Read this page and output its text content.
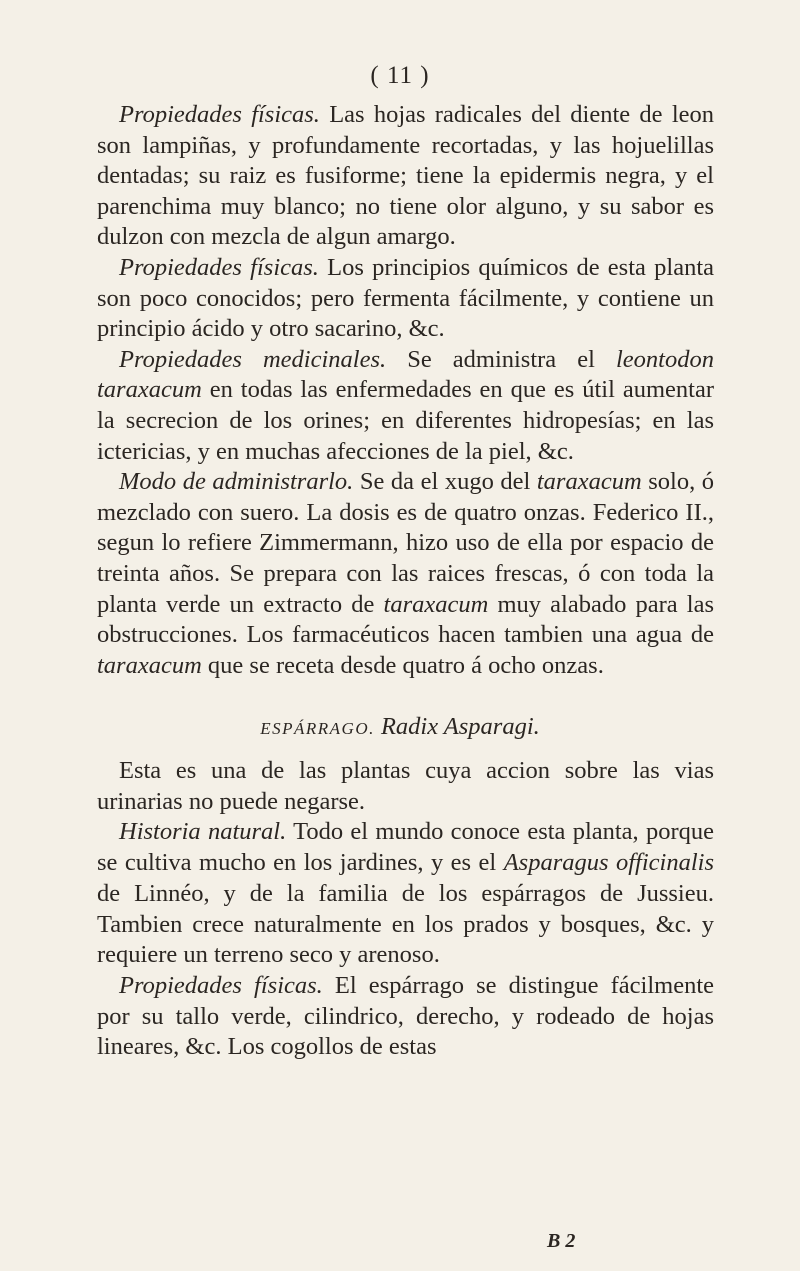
( 11 )

Propiedades físicas. Las hojas radicales del diente de leon son lampiñas, y profundamente recortadas, y las hojuelillas dentadas; su raiz es fusiforme; tiene la epidermis negra, y el parenchima muy blanco; no tiene olor alguno, y su sabor es dulzon con mezcla de algun amargo.

Propiedades físicas. Los principios químicos de esta planta son poco conocidos; pero fermenta fácilmente, y contiene un principio ácido y otro sacarino, &c.

Propiedades medicinales. Se administra el leontodon taraxacum en todas las enfermedades en que es útil aumentar la secrecion de los orines; en diferentes hidropesías; en las ictericias, y en muchas afecciones de la piel, &c.

Modo de administrarlo. Se da el xugo del taraxacum solo, ó mezclado con suero. La dosis es de quatro onzas. Federico II., segun lo refiere Zimmermann, hizo uso de ella por espacio de treinta años. Se prepara con las raices frescas, ó con toda la planta verde un extracto de taraxacum muy alabado para las obstrucciones. Los farmacéuticos hacen tambien una agua de taraxacum que se receta desde quatro á ocho onzas.

ESPÁRRAGO. Radix Asparagi.

Esta es una de las plantas cuya accion sobre las vias urinarias no puede negarse.

Historia natural. Todo el mundo conoce esta planta, porque se cultiva mucho en los jardines, y es el Asparagus officinalis de Linnéo, y de la familia de los espárragos de Jussieu. Tambien crece naturalmente en los prados y bosques, &c. y requiere un terreno seco y arenoso.

Propiedades físicas. El espárrago se distingue fácilmente por su tallo verde, cilindrico, derecho, y rodeado de hojas lineares, &c. Los cogollos de estas

B 2
